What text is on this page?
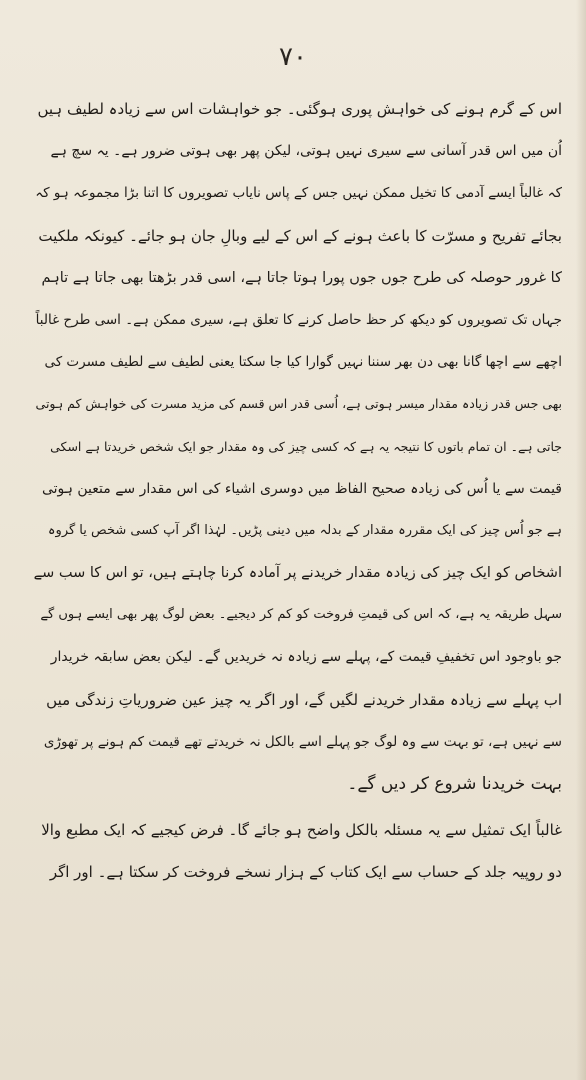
۷۰
اس کے گرم ہونے کی خواہش پوری ہوگئی۔ جو خواہشات اس سے زیادہ لطیف ہیں
اُن میں اس قدر آسانی سے سیری نہیں ہوتی، لیکن پھر بھی ہوتی ضرور ہے۔ یہ سچ ہے
کہ غالباً ایسے آدمی کا تخیل ممکن نہیں جس کے پاس نایاب تصویروں کا اتنا بڑا مجموعہ ہو کہ
بجائے تفریح و مسرّت کا باعث ہونے کے اس کے لیے وبالِ جان ہو جائے۔ کیونکہ ملکیت
کا غرور حوصلہ کی طرح جوں جوں پورا ہوتا جاتا ہے، اسی قدر بڑھتا بھی جاتا ہے تاہم
جہاں تک تصویروں کو دیکھ کر حظ حاصل کرنے کا تعلق ہے، سیری ممکن ہے۔ اسی طرح غالباً
اچھے سے اچھا گانا بھی دن بھر سننا نہیں گوارا کیا جا سکتا یعنی لطیف سے لطیف مسرت کی
بھی جس قدر زیادہ مقدار میسر ہوتی ہے، اُسی قدر اس قسم کی مزید مسرت کی خواہش کم ہوتی
جاتی ہے۔ ان تمام باتوں کا نتیجہ یہ ہے کہ کسی چیز کی وہ مقدار جو ایک شخص خریدتا ہے اسکی
قیمت سے یا اُس کی زیادہ صحیح الفاظ میں دوسری اشیاء کی اس مقدار سے متعین ہوتی
ہے جو اُس چیز کی ایک مقررہ مقدار کے بدلہ میں دینی پڑیں۔ لہٰذا اگر آپ کسی شخص یا گروہ
اشخاص کو ایک چیز کی زیادہ مقدار خریدنے پر آمادہ کرنا چاہتے ہیں، تو اس کا سب سے
سہل طریقہ یہ ہے، کہ اس کی قیمتِ فروخت کو کم کر دیجیے۔ بعض لوگ پھر بھی ایسے ہوں گے
جو باوجود اس تخفیفِ قیمت کے، پہلے سے زیادہ نہ خریدیں گے۔ لیکن بعض سابقہ خریدار
اب پہلے سے زیادہ مقدار خریدنے لگیں گے، اور اگر یہ چیز عین ضروریاتِ زندگی میں
سے نہیں ہے، تو بہت سے وہ لوگ جو پہلے اسے بالکل نہ خریدتے تھے قیمت کم ہونے پر تھوڑی
بہت خریدنا شروع کر دیں گے۔
غالباً ایک تمثیل سے یہ مسئلہ بالکل واضح ہو جائے گا۔ فرض کیجیے کہ ایک مطبع والا
دو روپیہ جلد کے حساب سے ایک کتاب کے ہزار نسخے فروخت کر سکتا ہے۔ اور اگر
